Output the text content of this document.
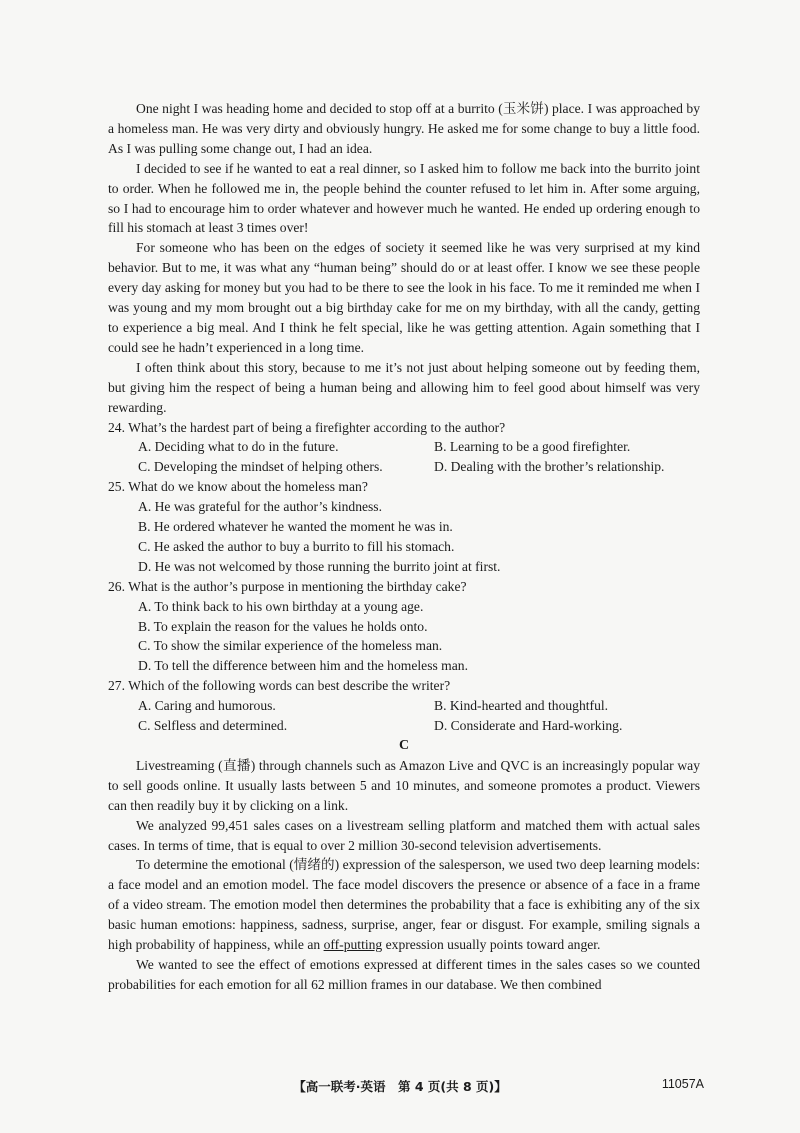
One night I was heading home and decided to stop off at a burrito (玉米饼) place. I was approached by a homeless man. He was very dirty and obviously hungry. He asked me for some change to buy a little food. As I was pulling some change out, I had an idea.

I decided to see if he wanted to eat a real dinner, so I asked him to follow me back into the burrito joint to order. When he followed me in, the people behind the counter refused to let him in. After some arguing, so I had to encourage him to order whatever and however much he wanted. He ended up ordering enough to fill his stomach at least 3 times over!

For someone who has been on the edges of society it seemed like he was very surprised at my kind behavior. But to me, it was what any “human being” should do or at least offer. I know we see these people every day asking for money but you had to be there to see the look in his face. To me it reminded me when I was young and my mom brought out a big birthday cake for me on my birthday, with all the candy, getting to experience a big meal. And I think he felt special, like he was getting attention. Again something that I could see he hadn’t experienced in a long time.

I often think about this story, because to me it’s not just about helping someone out by feeding them, but giving him the respect of being a human being and allowing him to feel good about himself was very rewarding.

24. What’s the hardest part of being a firefighter according to the author?
A. Deciding what to do in the future.	B. Learning to be a good firefighter.
C. Developing the mindset of helping others.	D. Dealing with the brother’s relationship.
25. What do we know about the homeless man?
A. He was grateful for the author’s kindness.
B. He ordered whatever he wanted the moment he was in.
C. He asked the author to buy a burrito to fill his stomach.
D. He was not welcomed by those running the burrito joint at first.
26. What is the author’s purpose in mentioning the birthday cake?
A. To think back to his own birthday at a young age.
B. To explain the reason for the values he holds onto.
C. To show the similar experience of the homeless man.
D. To tell the difference between him and the homeless man.
27. Which of the following words can best describe the writer?
A. Caring and humorous.	B. Kind-hearted and thoughtful.
C. Selfless and determined.	D. Considerate and Hard-working.
C

Livestreaming (直播) through channels such as Amazon Live and QVC is an increasingly popular way to sell goods online. It usually lasts between 5 and 10 minutes, and someone promotes a product. Viewers can then readily buy it by clicking on a link.

We analyzed 99,451 sales cases on a livestream selling platform and matched them with actual sales cases. In terms of time, that is equal to over 2 million 30-second television advertisements.

To determine the emotional (情绪的) expression of the salesperson, we used two deep learning models: a face model and an emotion model. The face model discovers the presence or absence of a face in a frame of a video stream. The emotion model then determines the probability that a face is exhibiting any of the six basic human emotions: happiness, sadness, surprise, anger, fear or disgust. For example, smiling signals a high probability of happiness, while an off-putting expression usually points toward anger.

We wanted to see the effect of emotions expressed at different times in the sales cases so we counted probabilities for each emotion for all 62 million frames in our database. We then combined

【高一联考·英语　第 4 页(共 8 页)】	11057A
